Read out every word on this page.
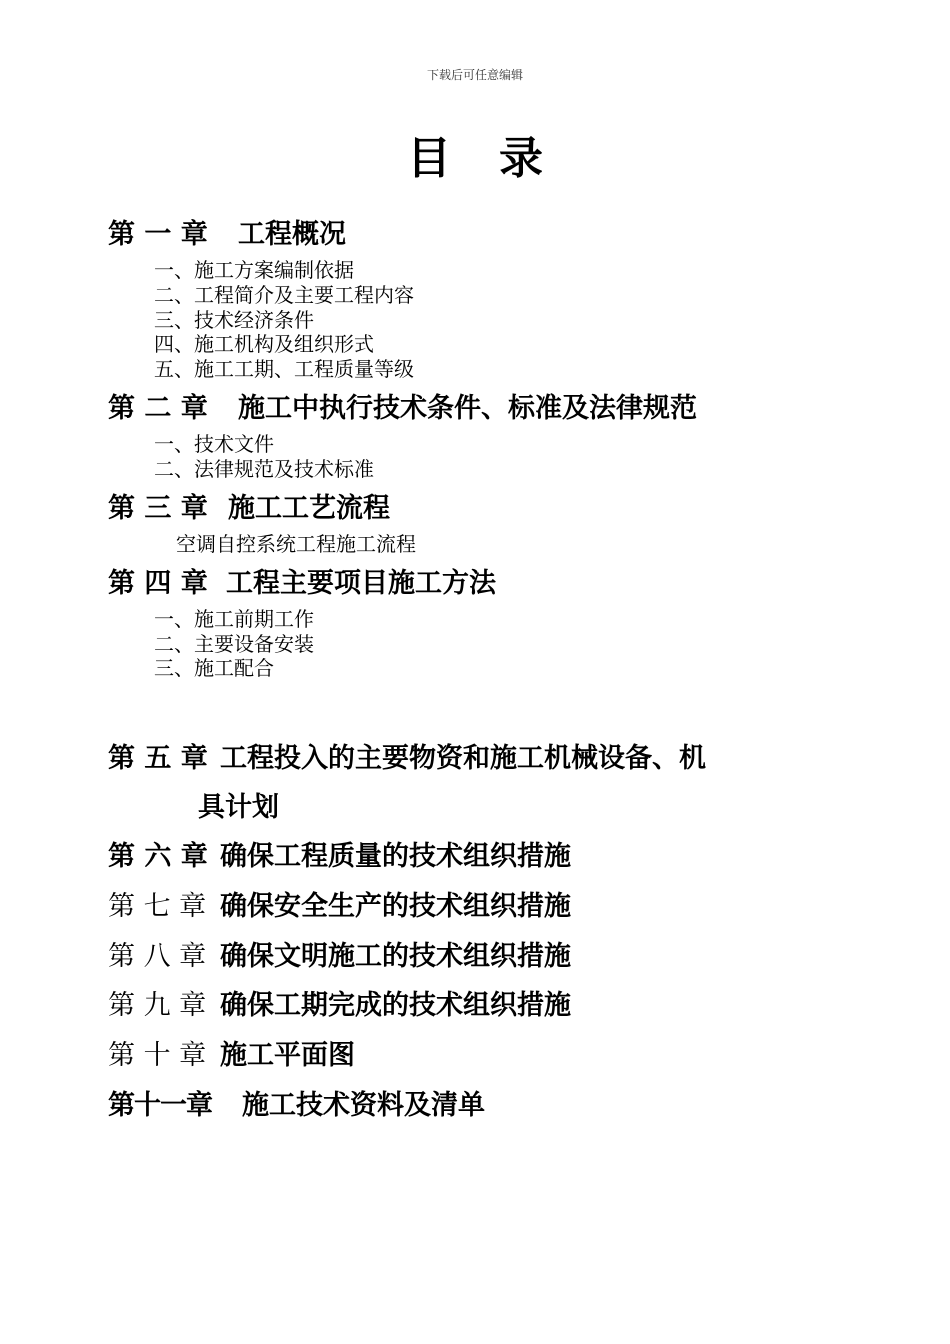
下载后可任意编辑
目 录
第 一 章 工程概况
一、施工方案编制依据
二、工程简介及主要工程内容
三、技术经济条件
四、施工机构及组织形式
五、施工工期、工程质量等级
第 二 章 施工中执行技术条件、标准及法律规范
一、技术文件
二、法律规范及技术标准
第 三 章 施工工艺流程
空调自控系统工程施工流程
第 四 章 工程主要项目施工方法
一、施工前期工作
二、主要设备安装
三、施工配合
第 五 章 工程投入的主要物资和施工机械设备、机
具计划
第 六 章 确保工程质量的技术组织措施
第 七 章 确保安全生产的技术组织措施
第 八 章 确保文明施工的技术组织措施
第 九 章 确保工期完成的技术组织措施
第 十 章 施工平面图
第十一章 施工技术资料及清单
